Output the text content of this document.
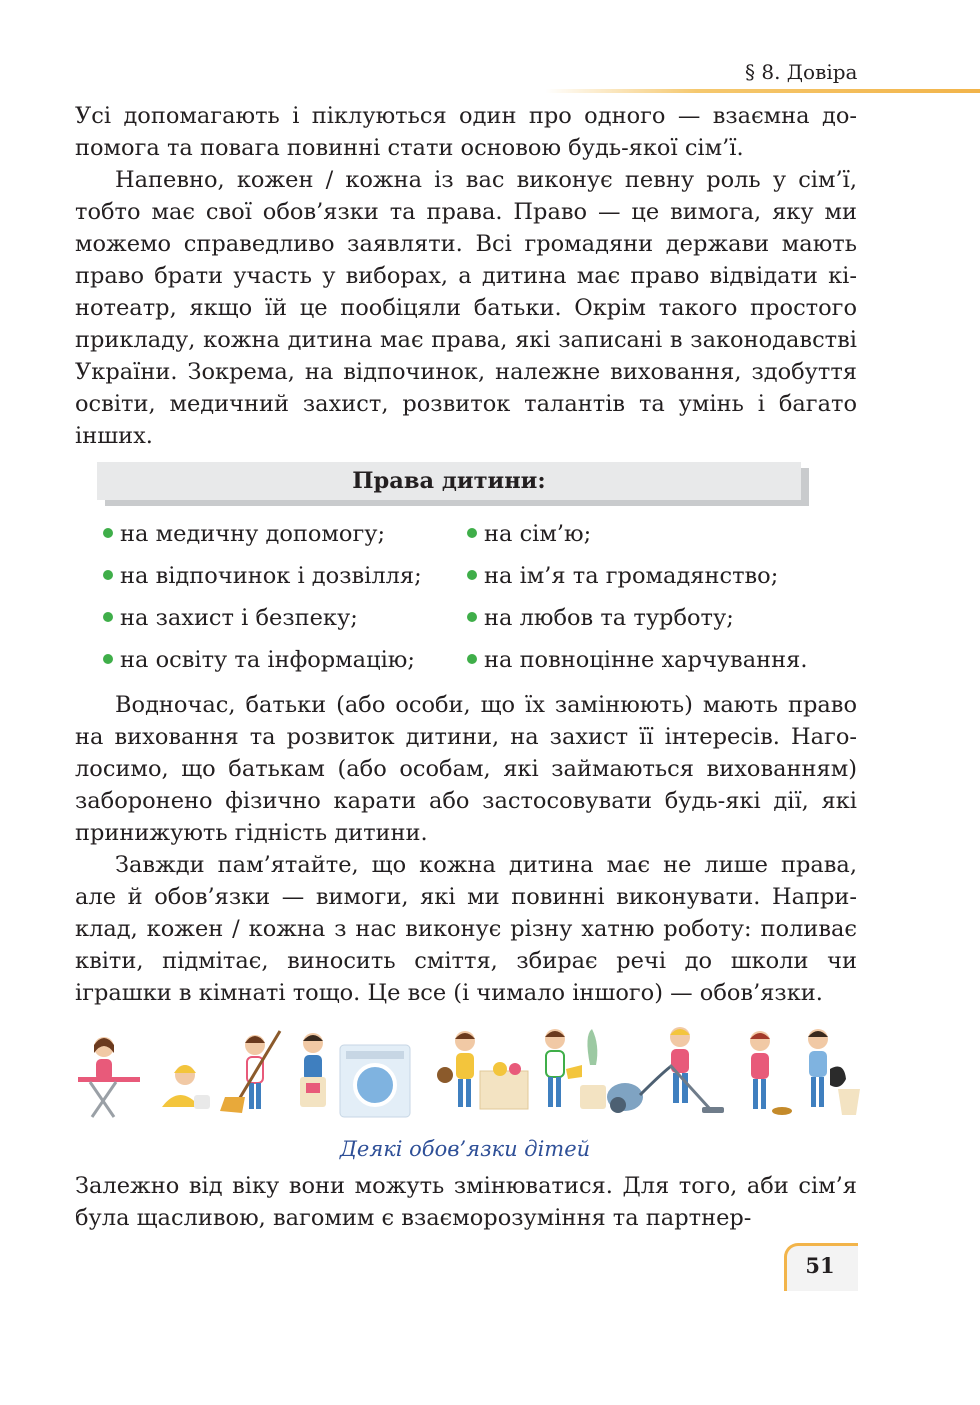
§ 8. Довіра

Усі допомагають і піклуються один про одного — взаємна допомога та повага повинні стати основою будь-якої сім’ї.

Напевно, кожен / кожна із вас виконує певну роль у сім’ї, тобто має свої обов’язки та права. Право — це вимога, яку ми можемо справедливо заявляти. Всі громадяни держави мають право брати участь у виборах, а дитина має право відвідати кінотеатр, якщо їй це пообіцяли батьки. Окрім такого простого прикладу, кожна дитина має права, які записані в законодавстві України. Зокрема, на відпочинок, належне виховання, здобуття освіти, медичний захист, розвиток талантів та умінь і багато інших.

Права дитини:
на медичну допомогу;
на відпочинок і дозвілля;
на захист і безпеку;
на освіту та інформацію;
на сім’ю;
на ім’я та громадянство;
на любов та турботу;
на повноцінне харчування.

Водночас, батьки (або особи, що їх замінюють) мають право на виховання та розвиток дитини, на захист її інтересів. Наголосимо, що батькам (або особам, які займаються вихованням) заборонено фізично карати або застосовувати будь-які дії, які принижують гідність дитини.

Завжди пам’ятайте, що кожна дитина має не лише права, але й обов’язки — вимоги, які ми повинні виконувати. Наприклад, кожен / кожна з нас виконує різну хатню роботу: поливає квіти, підмітає, виносить сміття, збирає речі до школи чи іграшки в кімнаті тощо. Це все (і чимало іншого) — обов’язки.

Деякі обов’язки дітей

Залежно від віку вони можуть змінюватися. Для того, аби сім’я була щасливою, вагомим є взаєморозуміння та партнер-

51
